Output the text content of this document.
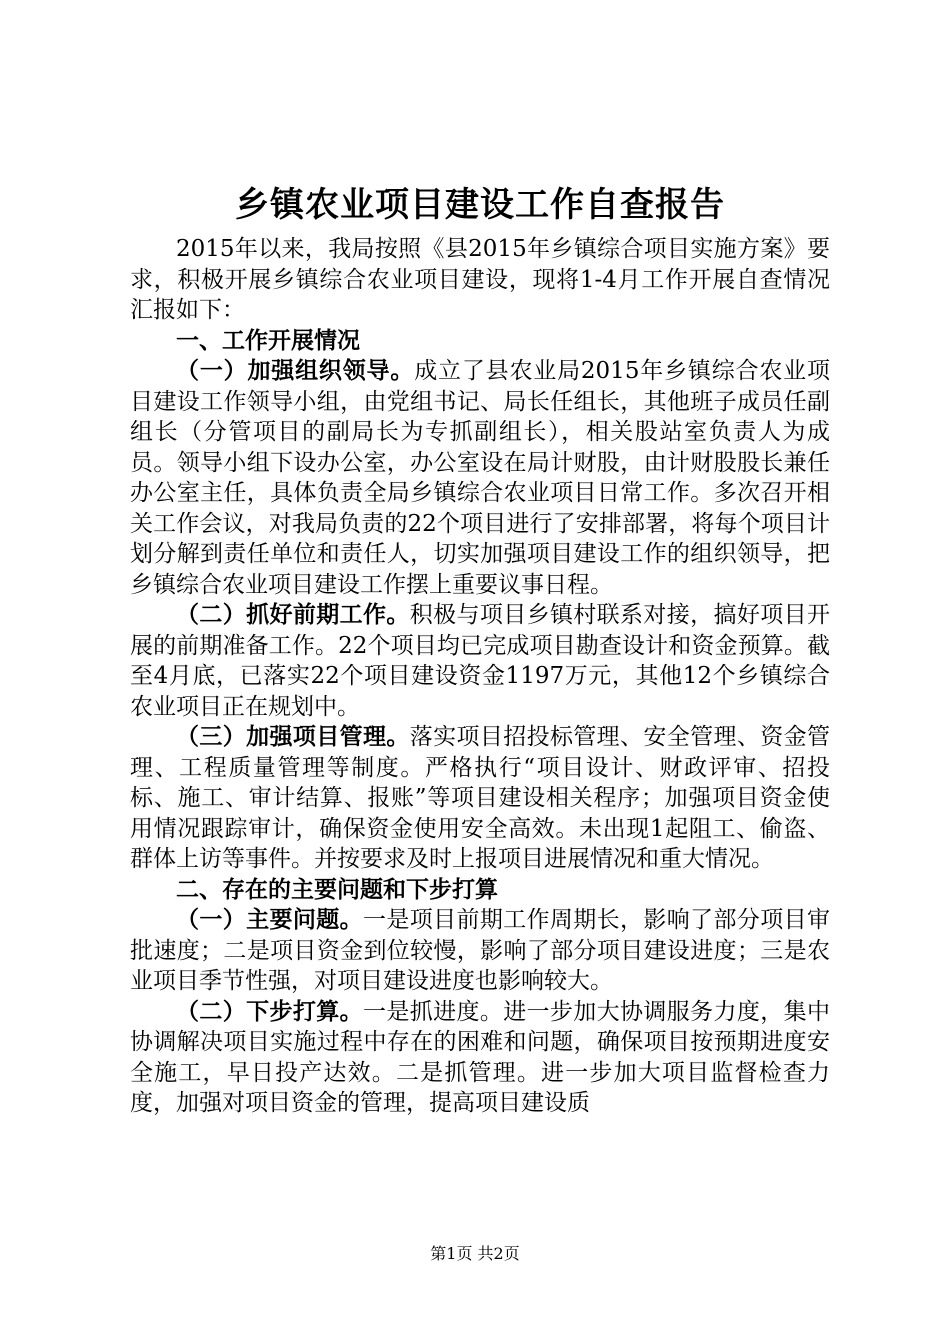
乡镇农业项目建设工作自查报告

2015年以来，我局按照《县2015年乡镇综合项目实施方案》要求，积极开展乡镇综合农业项目建设，现将1-4月工作开展自查情况汇报如下：

一、工作开展情况

（一）加强组织领导。成立了县农业局2015年乡镇综合农业项目建设工作领导小组，由党组书记、局长任组长，其他班子成员任副组长（分管项目的副局长为专抓副组长），相关股站室负责人为成员。领导小组下设办公室，办公室设在局计财股，由计财股股长兼任办公室主任，具体负责全局乡镇综合农业项目日常工作。多次召开相关工作会议，对我局负责的22个项目进行了安排部署，将每个项目计划分解到责任单位和责任人，切实加强项目建设工作的组织领导，把乡镇综合农业项目建设工作摆上重要议事日程。

（二）抓好前期工作。积极与项目乡镇村联系对接，搞好项目开展的前期准备工作。22个项目均已完成项目勘查设计和资金预算。截至4月底，已落实22个项目建设资金1197万元，其他12个乡镇综合农业项目正在规划中。

（三）加强项目管理。落实项目招投标管理、安全管理、资金管理、工程质量管理等制度。严格执行“项目设计、财政评审、招投标、施工、审计结算、报账”等项目建设相关程序；加强项目资金使用情况跟踪审计，确保资金使用安全高效。未出现1起阻工、偷盗、群体上访等事件。并按要求及时上报项目进展情况和重大情况。

二、存在的主要问题和下步打算

（一）主要问题。一是项目前期工作周期长，影响了部分项目审批速度；二是项目资金到位较慢，影响了部分项目建设进度；三是农业项目季节性强，对项目建设进度也影响较大。

（二）下步打算。一是抓进度。进一步加大协调服务力度，集中协调解决项目实施过程中存在的困难和问题，确保项目按预期进度安全施工，早日投产达效。二是抓管理。进一步加大项目监督检查力度，加强对项目资金的管理，提高项目建设质

第1页 共2页
